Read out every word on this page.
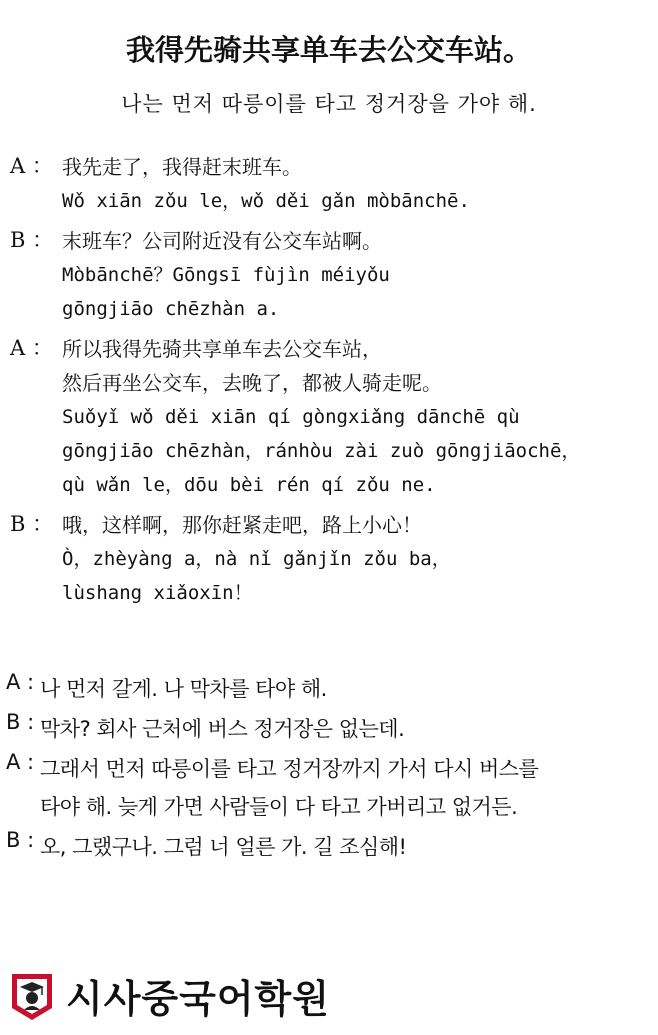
我得先骑共享单车去公交车站。
나는 먼저 따릉이를 타고 정거장을 가야 해.
A ： 我先走了，我得赶末班车。
Wǒ xiān zǒu le，wǒ děi gǎn mòbānchē.
B ： 末班车？公司附近没有公交车站啊。
Mòbānchē？Gōngsī fùjìn méiyǒu
gōngjiāo chēzhàn a.
A ： 所以我得先骑共享单车去公交车站，
然后再坐公交车，去晚了，都被人骑走呢。
Suǒyǐ wǒ děi xiān qí gòngxiǎng dānchē qù
gōngjiāo chēzhàn，ránhòu zài zuò gōngjiāochē，
qù wǎn le，dōu bèi rén qí zǒu ne.
B ： 哦，这样啊，那你赶紧走吧，路上小心！
Ò，zhèyàng a，nà nǐ gǎnjǐn zǒu ba，
lùshang xiǎoxīn！
A : 나 먼저 갈게. 나 막차를 타야 해.
B : 막차? 회사 근처에 버스 정거장은 없는데.
A : 그래서 먼저 따릉이를 타고 정거장까지 가서 다시 버스를
타야 해. 늦게 가면 사람들이 다 타고 가버리고 없거든.
B : 오, 그랬구나. 그럼 너 얼른 가. 길 조심해!
시사중국어학원
